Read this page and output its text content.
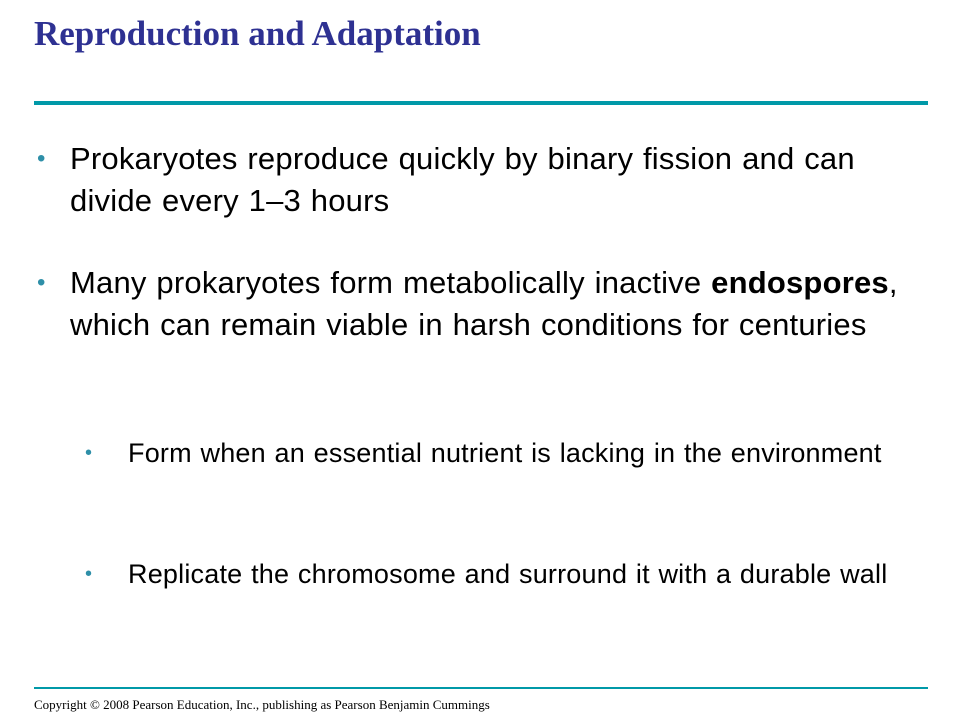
Reproduction and Adaptation
• Prokaryotes reproduce quickly by binary fission and can divide every 1–3 hours
• Many prokaryotes form metabolically inactive endospores, which can remain viable in harsh conditions for centuries
• Form when an essential nutrient is lacking in the environment
• Replicate the chromosome and surround it with a durable wall
Copyright © 2008 Pearson Education, Inc., publishing as Pearson Benjamin Cummings
